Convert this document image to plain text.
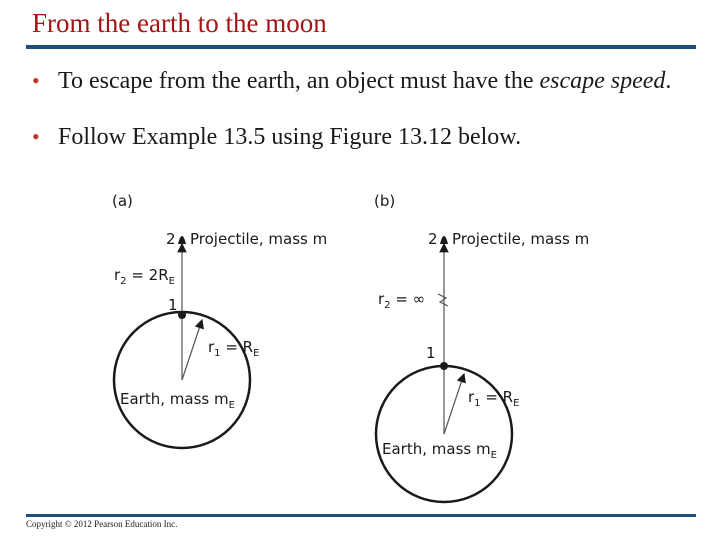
From the earth to the moon
• To escape from the earth, an object must have the escape speed.
• Follow Example 13.5 using Figure 13.12 below.
(a)
2 Projectile, mass m
$r_2 = 2R_E$
1
$r_1 = R_E$
Earth, mass $m_E$
(b)
2 Projectile, mass m
$r_2$ = ∞
1
$r_1 = R_E$
Earth, mass $m_E$
Copyright © 2012 Pearson Education Inc.
